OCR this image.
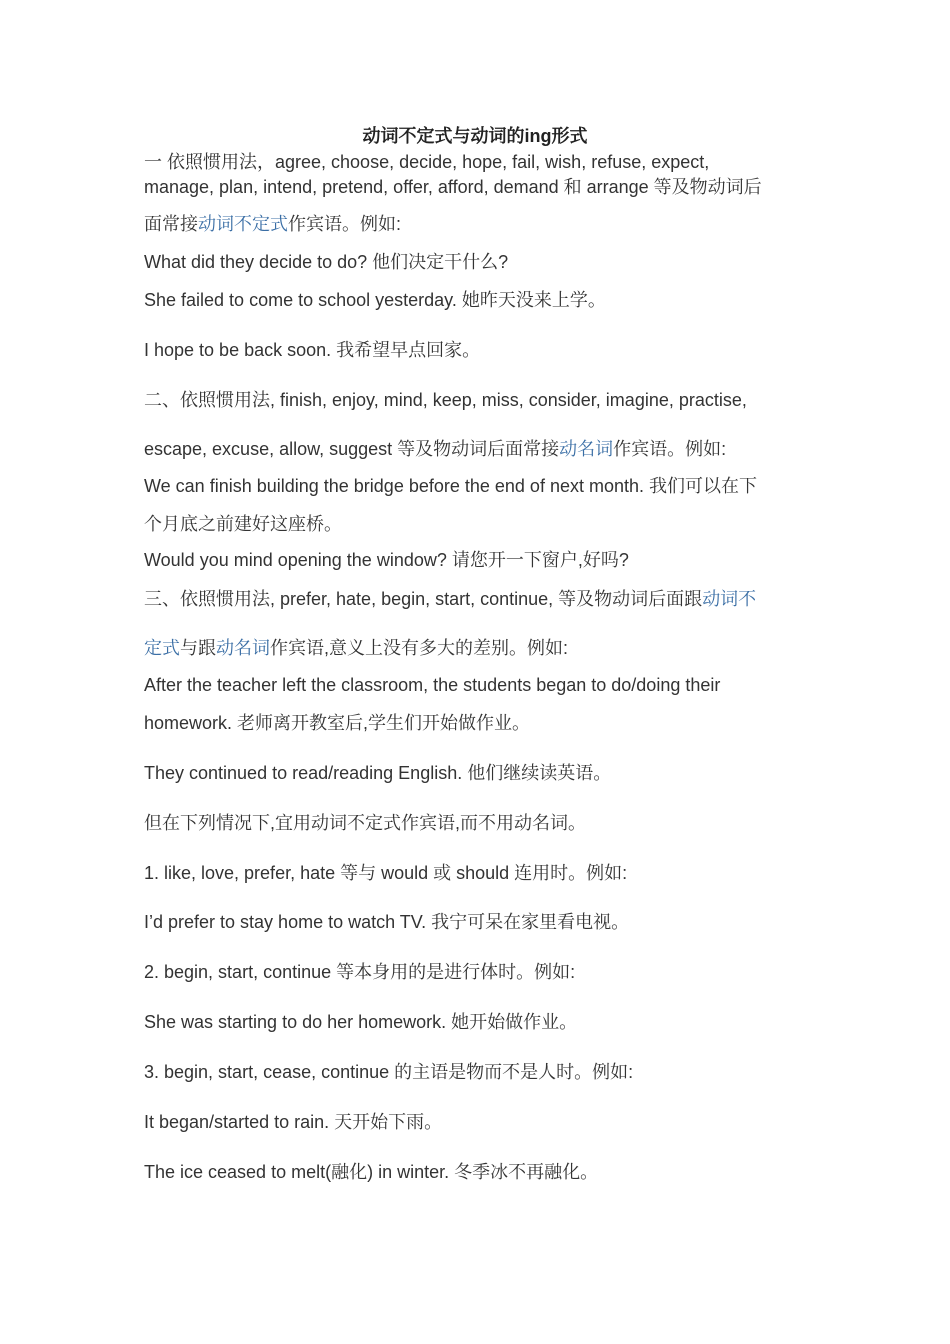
动词不定式与动词的ing形式
一 依照惯用法，agree, choose, decide, hope, fail, wish, refuse, expect,
manage, plan, intend, pretend, offer, afford, demand 和 arrange 等及物动词后
面常接动词不定式作宾语。例如:
What did they decide to do? 他们决定干什么?
She failed to come to school yesterday. 她昨天没来上学。
I hope to be back soon. 我希望早点回家。
二、依照惯用法, finish, enjoy, mind, keep, miss, consider, imagine, practise,
escape, excuse, allow, suggest 等及物动词后面常接动名词作宾语。例如:
We can finish building the bridge before the end of next month. 我们可以在下
个月底之前建好这座桥。
Would you mind opening the window? 请您开一下窗户,好吗?
三、依照惯用法, prefer, hate, begin, start, continue, 等及物动词后面跟动词不
定式与跟动名词作宾语,意义上没有多大的差别。例如:
After the teacher left the classroom, the students began to do/doing their
homework. 老师离开教室后,学生们开始做作业。
They continued to read/reading English. 他们继续读英语。
但在下列情况下,宜用动词不定式作宾语,而不用动名词。
1. like, love, prefer, hate 等与 would 或 should 连用时。例如:
I’d prefer to stay home to watch TV. 我宁可呆在家里看电视。
2. begin, start, continue 等本身用的是进行体时。例如:
She was starting to do her homework. 她开始做作业。
3. begin, start, cease, continue 的主语是物而不是人时。例如:
It began/started to rain. 天开始下雨。
The ice ceased to melt(融化) in winter. 冬季冰不再融化。
